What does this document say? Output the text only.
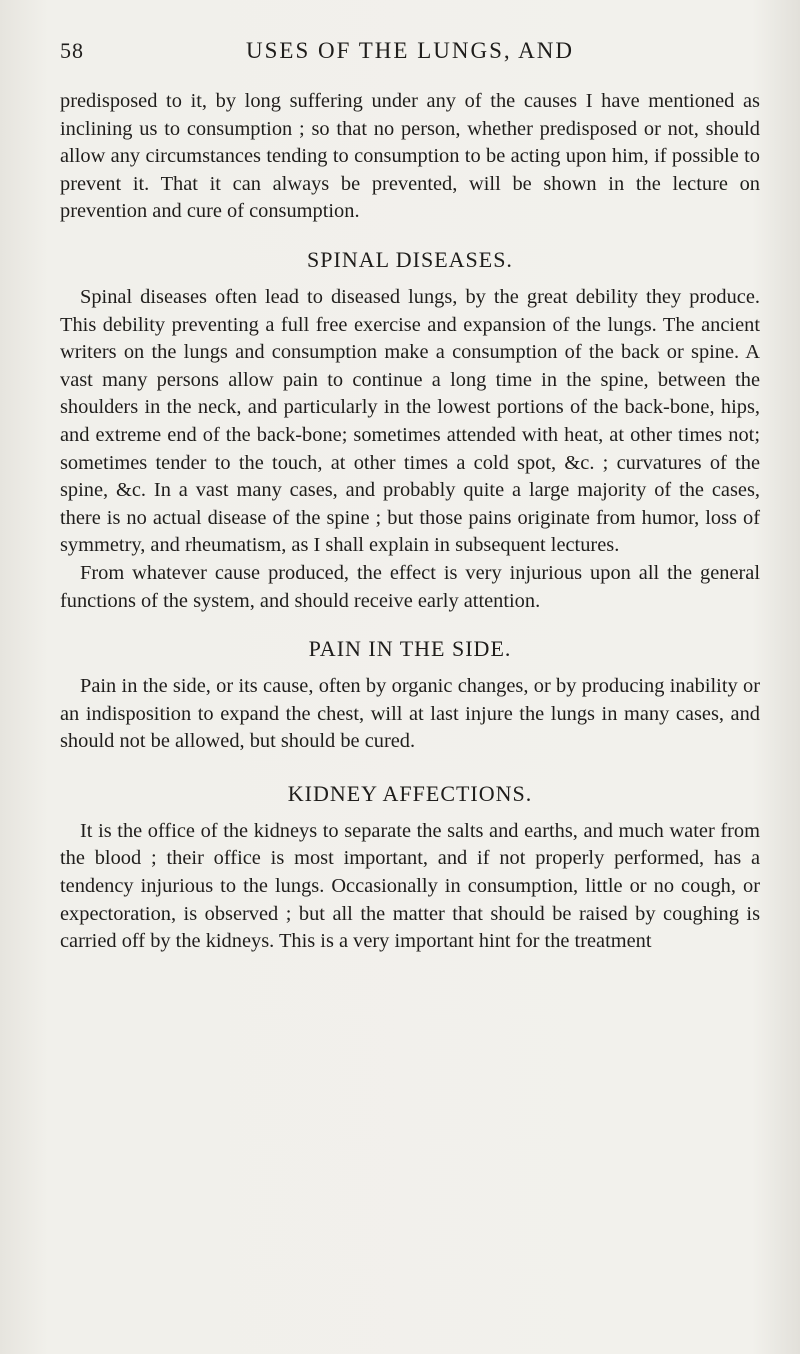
58	USES OF THE LUNGS, AND

predisposed to it, by long suffering under any of the causes I have mentioned as inclining us to consumption ; so that no person, whether predisposed or not, should allow any circumstances tending to consumption to be acting upon him, if possible to prevent it. That it can always be prevented, will be shown in the lecture on prevention and cure of consumption.

SPINAL DISEASES.

Spinal diseases often lead to diseased lungs, by the great debility they produce. This debility preventing a full free exercise and expansion of the lungs. The ancient writers on the lungs and consumption make a consumption of the back or spine. A vast many persons allow pain to continue a long time in the spine, between the shoulders in the neck, and particularly in the lowest portions of the back-bone, hips, and extreme end of the back-bone; sometimes attended with heat, at other times not; sometimes tender to the touch, at other times a cold spot, &c. ; curvatures of the spine, &c. In a vast many cases, and probably quite a large majority of the cases, there is no actual disease of the spine ; but those pains originate from humor, loss of symmetry, and rheumatism, as I shall explain in subsequent lectures.

From whatever cause produced, the effect is very injurious upon all the general functions of the system, and should receive early attention.

PAIN IN THE SIDE.

Pain in the side, or its cause, often by organic changes, or by producing inability or an indisposition to expand the chest, will at last injure the lungs in many cases, and should not be allowed, but should be cured.

KIDNEY AFFECTIONS.

It is the office of the kidneys to separate the salts and earths, and much water from the blood ; their office is most important, and if not properly performed, has a tendency injurious to the lungs. Occasionally in consumption, little or no cough, or expectoration, is observed ; but all the matter that should be raised by coughing is carried off by the kidneys. This is a very important hint for the treatment
